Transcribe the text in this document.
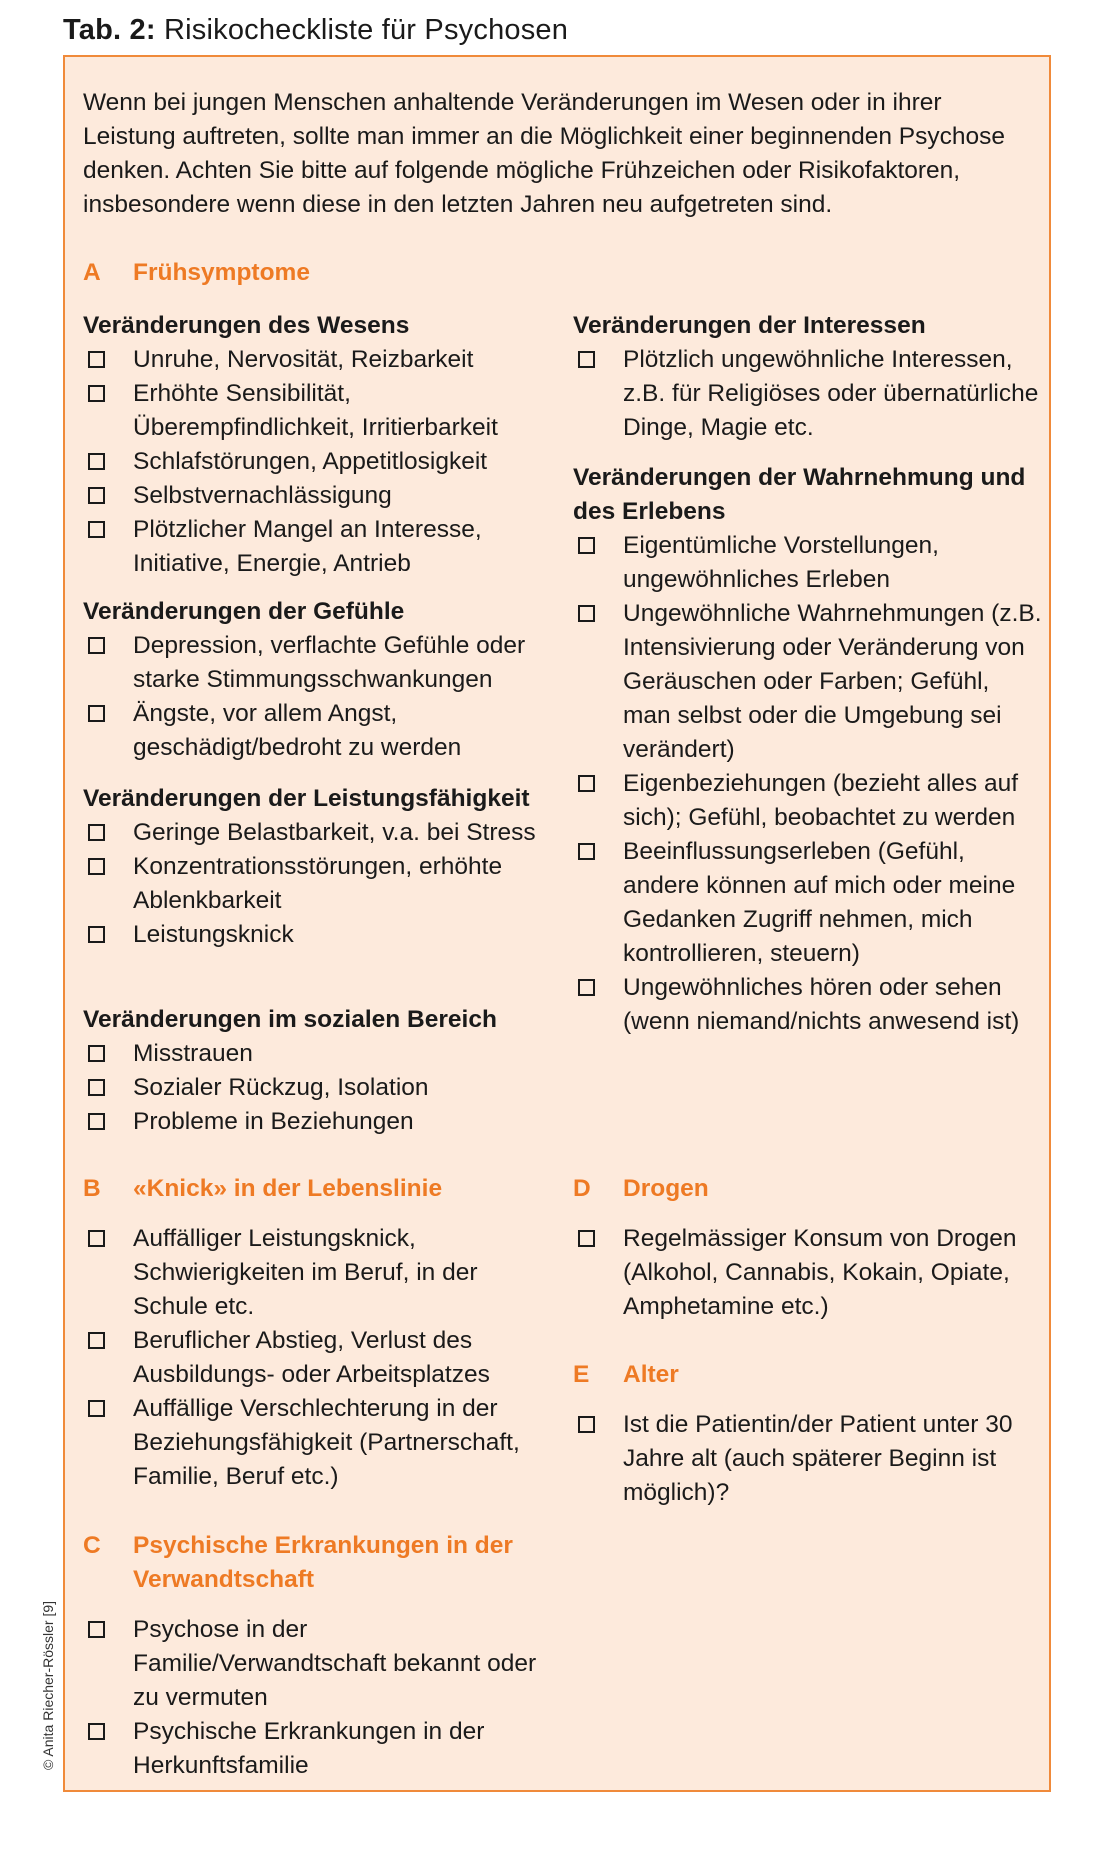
Tab. 2: Risikocheckliste für Psychosen

Wenn bei jungen Menschen anhaltende Veränderungen im Wesen oder in ihrer Leistung auftreten, sollte man immer an die Möglichkeit einer beginnenden Psychose denken. Achten Sie bitte auf folgende mögliche Frühzeichen oder Risikofaktoren, insbesondere wenn diese in den letzten Jahren neu aufgetreten sind.

A	Frühsymptome
Veränderungen des Wesens
Unruhe, Nervosität, Reizbarkeit
Erhöhte Sensibilität, Überempfindlichkeit, Irritierbarkeit
Schlafstörungen, Appetitlosigkeit
Selbstvernachlässigung
Plötzlicher Mangel an Interesse, Initiative, Energie, Antrieb
Veränderungen der Gefühle
Depression, verflachte Gefühle oder starke Stimmungsschwankungen
Ängste, vor allem Angst, geschädigt/bedroht zu werden
Veränderungen der Leistungsfähigkeit
Geringe Belastbarkeit, v.a. bei Stress
Konzentrationsstörungen, erhöhte Ablenkbarkeit
Leistungsknick
Veränderungen im sozialen Bereich
Misstrauen
Sozialer Rückzug, Isolation
Probleme in Beziehungen
Veränderungen der Interessen
Plötzlich ungewöhnliche Interessen, z.B. für Religiöses oder übernatürliche Dinge, Magie etc.
Veränderungen der Wahrnehmung und des Erlebens
Eigentümliche Vorstellungen, ungewöhnliches Erleben
Ungewöhnliche Wahrnehmungen (z.B. Intensivierung oder Veränderung von Geräuschen oder Farben; Gefühl, man selbst oder die Umgebung sei verändert)
Eigenbeziehungen (bezieht alles auf sich); Gefühl, beobachtet zu werden
Beeinflussungserleben (Gefühl, andere können auf mich oder meine Gedanken Zugriff nehmen, mich kontrollieren, steuern)
Ungewöhnliches hören oder sehen (wenn niemand/nichts anwesend ist)
B	«Knick» in der Lebenslinie
Auffälliger Leistungsknick, Schwierigkeiten im Beruf, in der Schule etc.
Beruflicher Abstieg, Verlust des Ausbildungs- oder Arbeitsplatzes
Auffällige Verschlechterung in der Beziehungsfähigkeit (Partnerschaft, Familie, Beruf etc.)
C	Psychische Erkrankungen in der Verwandtschaft
Psychose in der Familie/Verwandtschaft bekannt oder zu vermuten
Psychische Erkrankungen in der Herkunftsfamilie
D	Drogen
Regelmässiger Konsum von Drogen (Alkohol, Cannabis, Kokain, Opiate, Amphetamine etc.)
E	Alter
Ist die Patientin/der Patient unter 30 Jahre alt (auch späterer Beginn ist möglich)?
© Anita Riecher-Rössler [9]
